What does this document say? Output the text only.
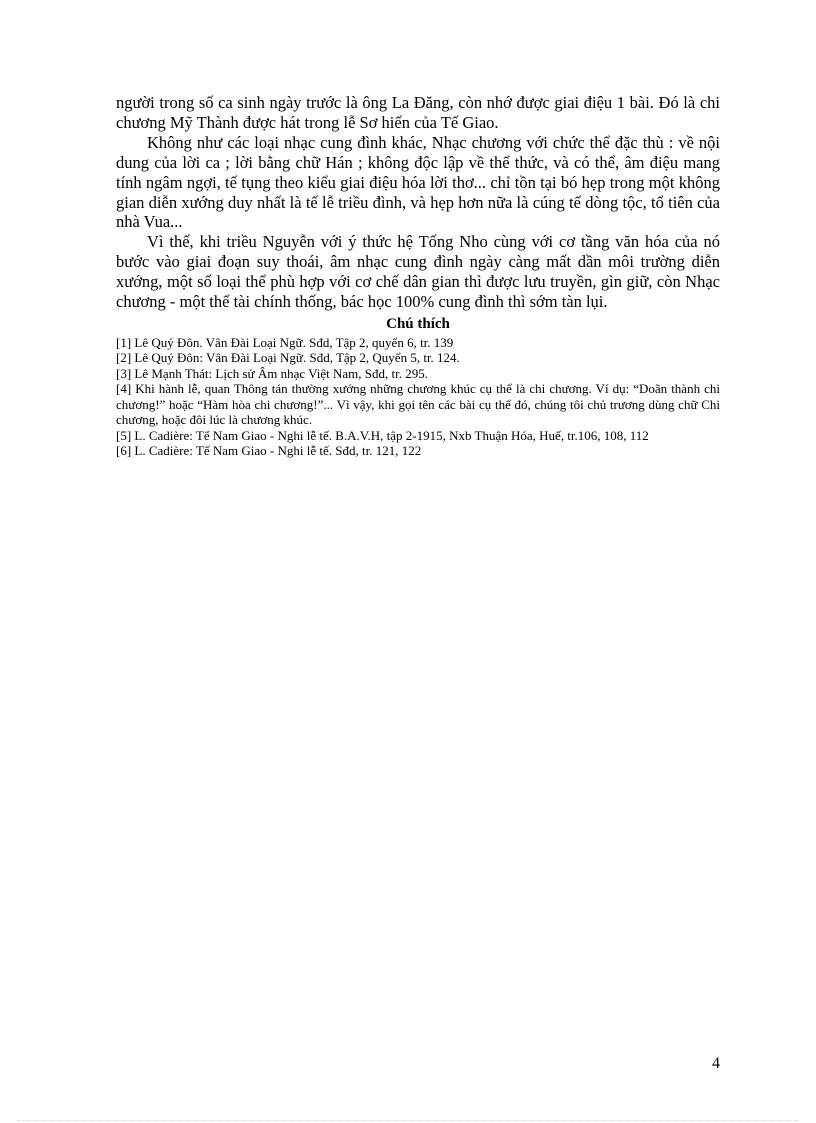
người trong số ca sinh ngày trước là ông La Đăng, còn nhớ được giai điệu 1 bài. Đó là chi chương Mỹ Thành được hát trong lễ Sơ hiến của Tế Giao.

Không như các loại nhạc cung đình khác, Nhạc chương với chức thể đặc thù : về nội dung của lời ca ; lời bằng chữ Hán ; không độc lập về thể thức, và có thể, âm điệu mang tính ngâm ngợi, tế tụng theo kiểu giai điệu hóa lời thơ... chỉ tồn tại bó hẹp trong một không gian diễn xướng duy nhất là tế lễ triều đình, và hẹp hơn nữa là cúng tế dòng tộc, tổ tiên của nhà Vua...

Vì thế, khi triều Nguyễn với ý thức hệ Tống Nho cùng với cơ tầng văn hóa của nó bước vào giai đoạn suy thoái, âm nhạc cung đình ngày càng mất dần môi trường diễn xướng, một số loại thể phù hợp với cơ chế dân gian thì được lưu truyền, gìn giữ, còn Nhạc chương - một thể tài chính thống, bác học 100% cung đình thì sớm tàn lụi.

Chú thích

[1] Lê Quý Đôn. Vân Đài Loại Ngữ. Sđd, Tập 2, quyển 6, tr. 139

[2] Lê Quý Đôn: Vân Đài Loại Ngữ. Sđd, Tập 2, Quyển 5, tr. 124.

[3] Lê Mạnh Thát: Lịch sử Âm nhạc Việt Nam, Sđd, tr. 295.

[4] Khi hành lễ, quan Thông tán thường xướng những chương khúc cụ thể là chi chương. Ví dụ: “Doãn thành chi chương!” hoặc “Hàm hòa chi chương!”... Vì vậy, khi gọi tên các bài cụ thể đó, chúng tôi chủ trương dùng chữ Chi chương, hoặc đôi lúc là chương khúc.

[5] L. Cadière: Tế Nam Giao - Nghi lễ tế. B.A.V.H, tập 2-1915, Nxb Thuận Hóa, Huế, tr.106, 108, 112

[6] L. Cadière: Tế Nam Giao - Nghi lễ tế. Sđd, tr. 121, 122

4
